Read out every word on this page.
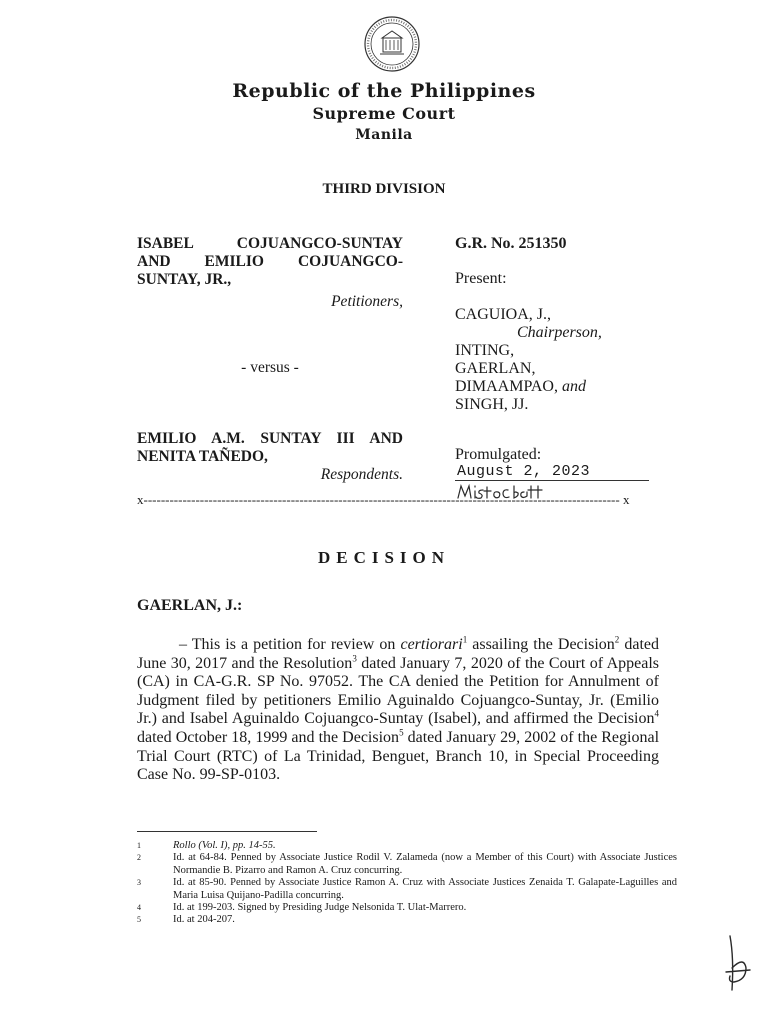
Republic of the Philippines
Supreme Court
Manila
THIRD DIVISION
ISABEL COJUANGCO-SUNTAY
AND EMILIO COJUANGCO-
SUNTAY, JR.,
Petitioners,
- versus -
EMILIO A.M. SUNTAY III AND
NENITA TAÑEDO,
Respondents.
G.R. No. 251350
Present:
CAGUIOA, J.,
Chairperson,
INTING,
GAERLAN,
DIMAAMPAO, and
SINGH, JJ.
Promulgated:
August 2, 2023
x-------------------------------------------------------------------------------------------------------------- x
DECISION
GAERLAN, J.:
– This is a petition for review on certiorari$^1$ assailing the Decision$^2$ dated June 30, 2017 and the Resolution$^3$ dated January 7, 2020 of the Court of Appeals (CA) in CA-G.R. SP No. 97052. The CA denied the Petition for Annulment of Judgment filed by petitioners Emilio Aguinaldo Cojuangco-Suntay, Jr. (Emilio Jr.) and Isabel Aguinaldo Cojuangco-Suntay (Isabel), and affirmed the Decision$^4$ dated October 18, 1999 and the Decision$^5$ dated January 29, 2002 of the Regional Trial Court (RTC) of La Trinidad, Benguet, Branch 10, in Special Proceeding Case No. 99-SP-0103.
1	Rollo (Vol. I), pp. 14-55.
2	Id. at 64-84. Penned by Associate Justice Rodil V. Zalameda (now a Member of this Court) with Associate Justices Normandie B. Pizarro and Ramon A. Cruz concurring.
3	Id. at 85-90. Penned by Associate Justice Ramon A. Cruz with Associate Justices Zenaida T. Galapate-Laguilles and Maria Luisa Quijano-Padilla concurring.
4	Id. at 199-203. Signed by Presiding Judge Nelsonida T. Ulat-Marrero.
5	Id. at 204-207.
